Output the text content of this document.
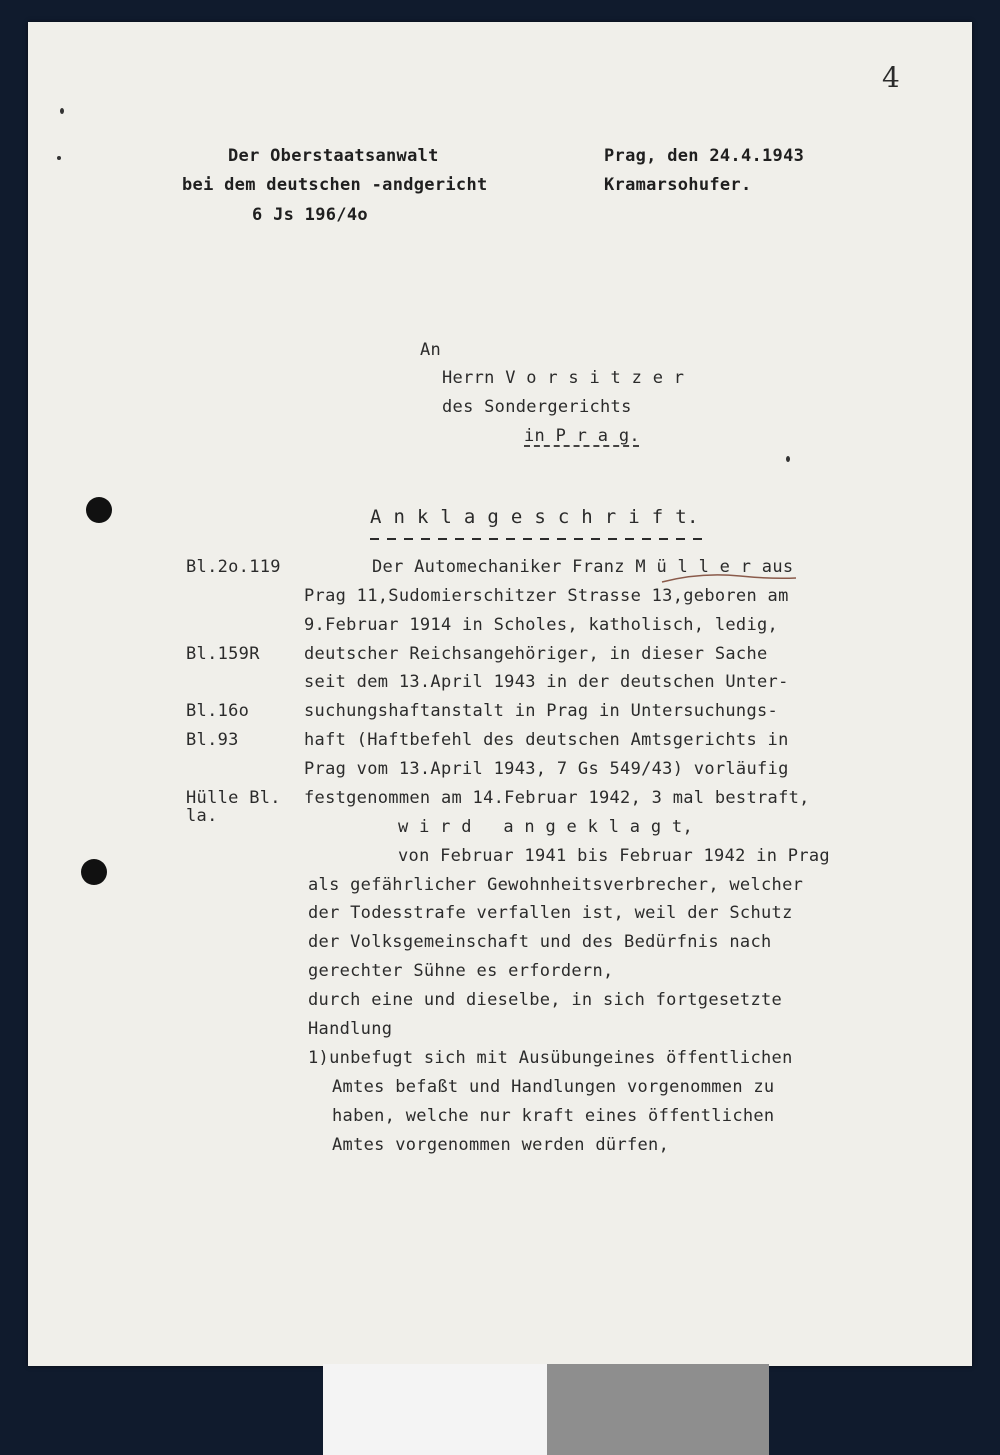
4
Der Oberstaatsanwalt
bei dem deutschen -andgericht
6 Js 196/4o
Prag, den 24.4.1943
Kramarsohufer.
An
Herrn V o r s i t z e r
des Sondergerichts
in P r a g.
A n k l a g e s c h r i f t.
Bl.2o.119
Bl.159R
Bl.16o
Bl.93
Hülle Bl.
la.
Der Automechaniker Franz M ü l l e r aus
Prag 11,Sudomierschitzer Strasse 13,geboren am
9.Februar 1914 in Scholes, katholisch, ledig,
deutscher Reichsangehöriger, in dieser Sache
seit dem 13.April 1943 in der deutschen Unter-
suchungshaftanstalt in Prag in Untersuchungs-
haft (Haftbefehl des deutschen Amtsgerichts in
Prag vom 13.April 1943, 7 Gs 549/43) vorläufig
festgenommen am 14.Februar 1942, 3 mal bestraft,
w i r d   a n g e k l a g t,
von Februar 1941 bis Februar 1942 in Prag
als gefährlicher Gewohnheitsverbrecher, welcher
der Todesstrafe verfallen ist, weil der Schutz
der Volksgemeinschaft und des Bedürfnis nach
gerechter Sühne es erfordern,
durch eine und dieselbe, in sich fortgesetzte
Handlung
1)unbefugt sich mit Ausübungeines öffentlichen
Amtes befaßt und Handlungen vorgenommen zu
haben, welche nur kraft eines öffentlichen
Amtes vorgenommen werden dürfen,
